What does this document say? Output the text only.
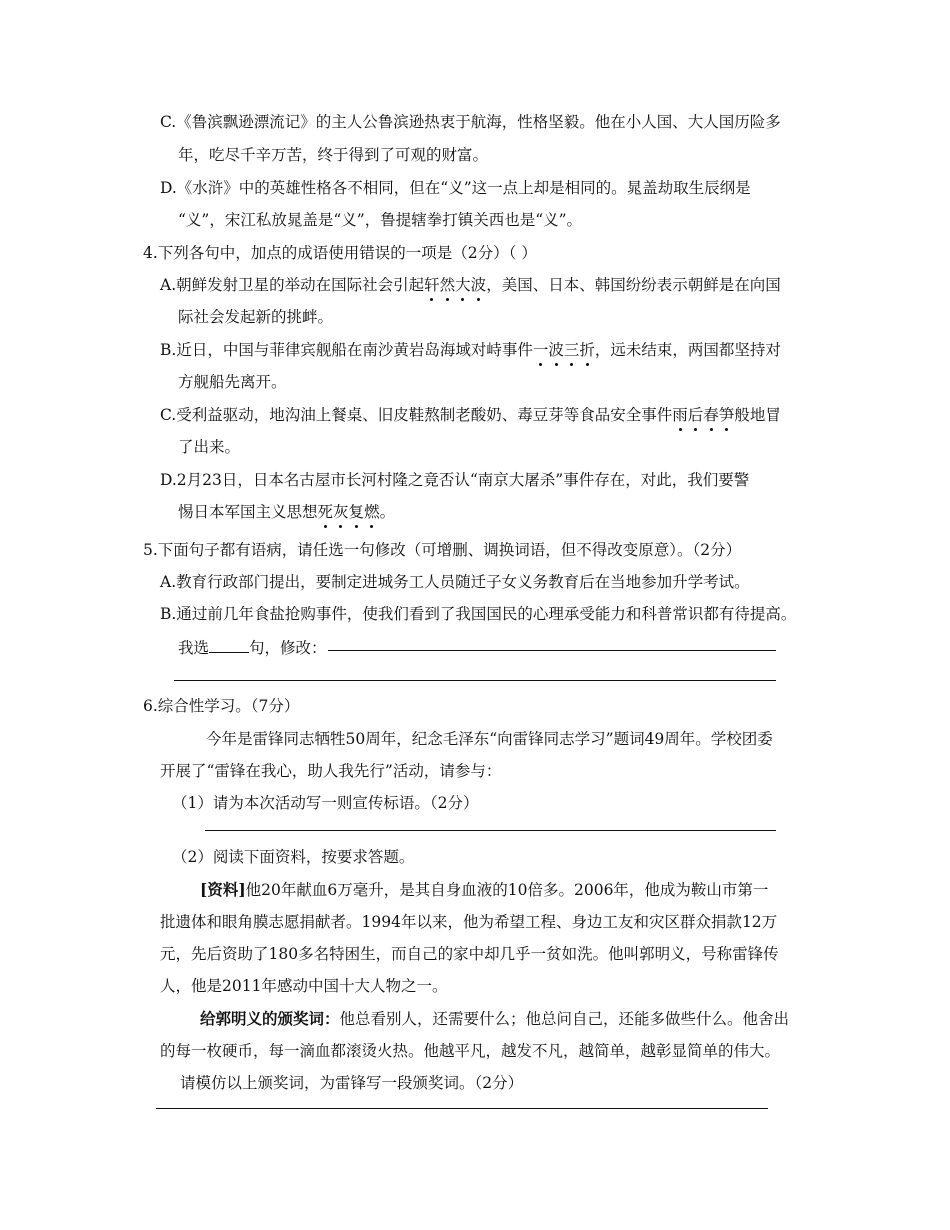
C.《鲁滨飘逊漂流记》的主人公鲁滨逊热衷于航海，性格坚毅。他在小人国、大人国历险多
年，吃尽千辛万苦，终于得到了可观的财富。
D.《水浒》中的英雄性格各不相同，但在“义”这一点上却是相同的。晁盖劫取生辰纲是
“义”，宋江私放晁盖是“义”，鲁提辖拳打镇关西也是“义”。
4.下列各句中，加点的成语使用错误的一项是（2分）（ ）
A.朝鲜发射卫星的举动在国际社会引起轩然大波，美国、日本、韩国纷纷表示朝鲜是在向国
际社会发起新的挑衅。
B.近日，中国与菲律宾舰船在南沙黄岩岛海域对峙事件一波三折，远未结束，两国都坚持对
方舰船先离开。
C.受利益驱动，地沟油上餐桌、旧皮鞋熬制老酸奶、毒豆芽等食品安全事件雨后春笋般地冒
了出来。
D.2月23日，日本名古屋市长河村隆之竟否认“南京大屠杀”事件存在，对此，我们要警
惕日本军国主义思想死灰复燃。
5.下面句子都有语病，请任选一句修改（可增删、调换词语，但不得改变原意）。（2分）
A.教育行政部门提出，要制定进城务工人员随迁子女义务教育后在当地参加升学考试。
B.通过前几年食盐抢购事件，使我们看到了我国国民的心理承受能力和科普常识都有待提高。
我选	句，修改：
6.综合性学习。（7分）
今年是雷锋同志牺牲50周年，纪念毛泽东“向雷锋同志学习”题词49周年。学校团委
开展了“雷锋在我心，助人我先行”活动，请参与：
（1）请为本次活动写一则宣传标语。（2分）
（2）阅读下面资料，按要求答题。
[资料]他20年献血6万毫升，是其自身血液的10倍多。2006年，他成为鞍山市第一
批遗体和眼角膜志愿捐献者。1994年以来，他为希望工程、身边工友和灾区群众捐款12万
元，先后资助了180多名特困生，而自己的家中却几乎一贫如洗。他叫郭明义，号称雷锋传
人，他是2011年感动中国十大人物之一。
给郭明义的颁奖词：他总看别人，还需要什么；他总问自己，还能多做些什么。他舍出
的每一枚硬币，每一滴血都滚烫火热。他越平凡，越发不凡，越简单，越彰显简单的伟大。
请模仿以上颁奖词，为雷锋写一段颁奖词。（2分）
